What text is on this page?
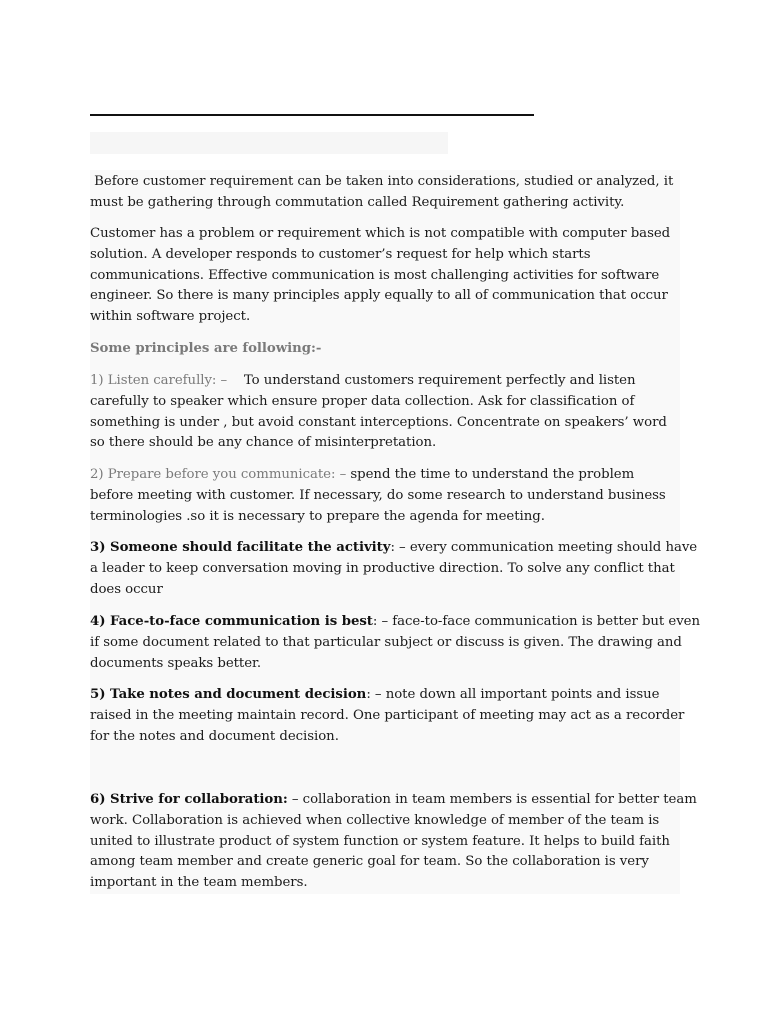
Before customer requirement can be taken into considerations, studied or analyzed, it
must be gathering through commutation called Requirement gathering activity.

Customer has a problem or requirement which is not compatible with computer based
solution. A developer responds to customer’s request for help which starts
communications. Effective communication is most challenging activities for software
engineer. So there is many principles apply equally to all of communication that occur
within software project.

Some principles are following:-

1) Listen carefully: –    To understand customers requirement perfectly and listen
carefully to speaker which ensure proper data collection. Ask for classification of
something is under , but avoid constant interceptions. Concentrate on speakers’ word
so there should be any chance of misinterpretation.

2) Prepare before you communicate: – spend the time to understand the problem
before meeting with customer. If necessary, do some research to understand business
terminologies .so it is necessary to prepare the agenda for meeting.

3) Someone should facilitate the activity: – every communication meeting should have
a leader to keep conversation moving in productive direction. To solve any conflict that
does occur

4) Face-to-face communication is best: – face-to-face communication is better but even
if some document related to that particular subject or discuss is given. The drawing and
documents speaks better.

5) Take notes and document decision: – note down all important points and issue
raised in the meeting maintain record. One participant of meeting may act as a recorder
for the notes and document decision.

6) Strive for collaboration: – collaboration in team members is essential for better team
work. Collaboration is achieved when collective knowledge of member of the team is
united to illustrate product of system function or system feature. It helps to build faith
among team member and create generic goal for team. So the collaboration is very
important in the team members.
